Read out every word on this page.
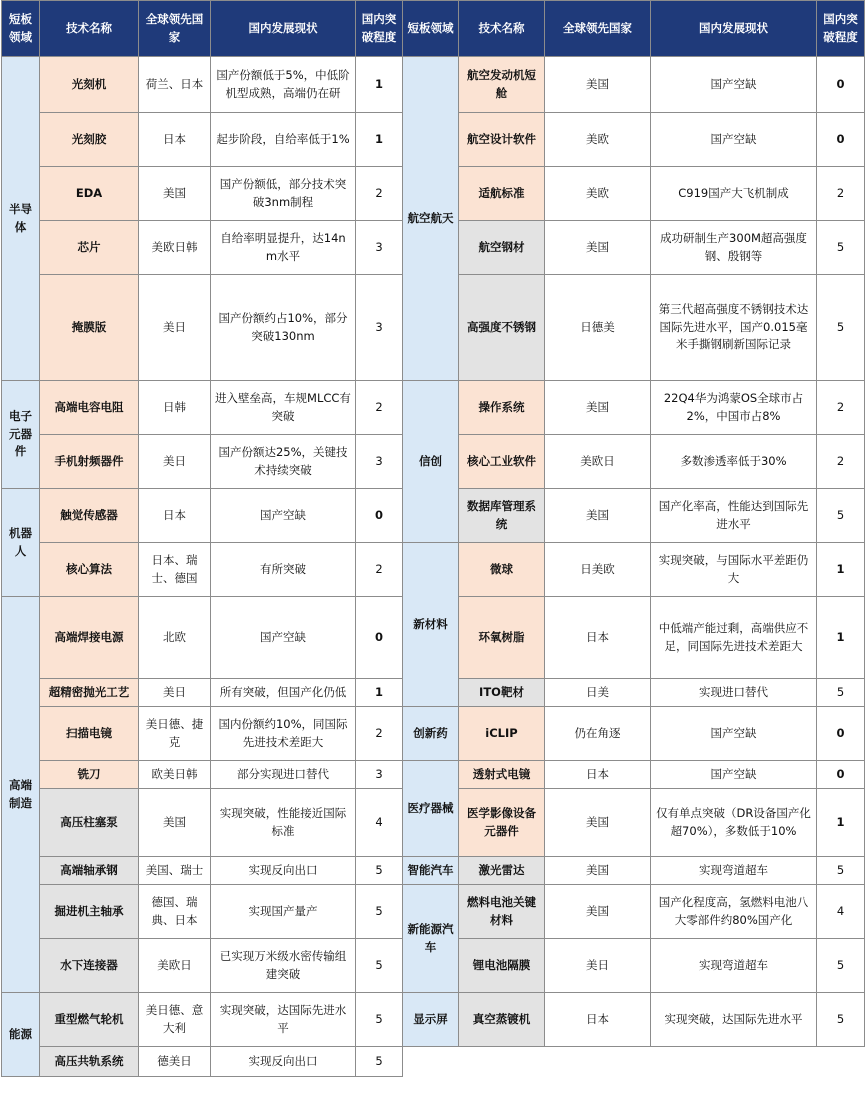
短板领域	技术名称	全球领先国家	国内发展现状	国内突破程度
半导体	光刻机	荷兰、日本	国产份额低于5%，中低阶机型成熟，高端仍在研	1
	光刻胶	日本	起步阶段，自给率低于1%	1
	EDA	美国	国产份额低，部分技术突破3nm制程	2
	芯片	美欧日韩	自给率明显提升，达14nm水平	3
	掩膜版	美日	国产份额约占10%，部分突破130nm	3
电子元器件	高端电容电阻	日韩	进入壁垒高，车规MLCC有突破	2
	手机射频器件	美日	国产份额达25%，关键技术持续突破	3
机器人	触觉传感器	日本	国产空缺	0
	核心算法	日本、瑞士、德国	有所突破	2
高端制造	高端焊接电源	北欧	国产空缺	0
	超精密抛光工艺	美日	所有突破，但国产化仍低	1
	扫描电镜	美日德、捷克	国内份额约10%，同国际先进技术差距大	2
	铣刀	欧美日韩	部分实现进口替代	3
	高压柱塞泵	美国	实现突破，性能接近国际标准	4
	高端轴承钢	美国、瑞士	实现反向出口	5
	掘进机主轴承	德国、瑞典、日本	实现国产量产	5
	水下连接器	美欧日	已实现万米级水密传输组建突破	5
能源	重型燃气轮机	美日德、意大利	实现突破，达国际先进水平	5
	高压共轨系统	德美日	实现反向出口	5
短板领域	技术名称	全球领先国家	国内发展现状	国内突破程度
航空航天	航空发动机短舱	美国	国产空缺	0
	航空设计软件	美欧	国产空缺	0
	适航标准	美欧	C919国产大飞机制成	2
	航空钢材	美国	成功研制生产300M超高强度钢、殷钢等	5
	高强度不锈钢	日德美	第三代超高强度不锈钢技术达国际先进水平，国产0.015毫米手撕钢刷新国际记录	5
信创	操作系统	美国	22Q4华为鸿蒙OS全球市占2%，中国市占8%	2
	核心工业软件	美欧日	多数渗透率低于30%	2
	数据库管理系统	美国	国产化率高，性能达到国际先进水平	5
新材料	微球	日美欧	实现突破，与国际水平差距仍大	1
	环氧树脂	日本	中低端产能过剩，高端供应不足，同国际先进技术差距大	1
	ITO靶材	日美	实现进口替代	5
创新药	iCLIP	仍在角逐	国产空缺	0
医疗器械	透射式电镜	日本	国产空缺	0
	医学影像设备元器件	美国	仅有单点突破（DR设备国产化超70%），多数低于10%	1
智能汽车	激光雷达	美国	实现弯道超车	5
新能源汽车	燃料电池关键材料	美国	国产化程度高，氢燃料电池八大零部件约80%国产化	4
	锂电池隔膜	美日	实现弯道超车	5
显示屏	真空蒸镀机	日本	实现突破，达国际先进水平	5
